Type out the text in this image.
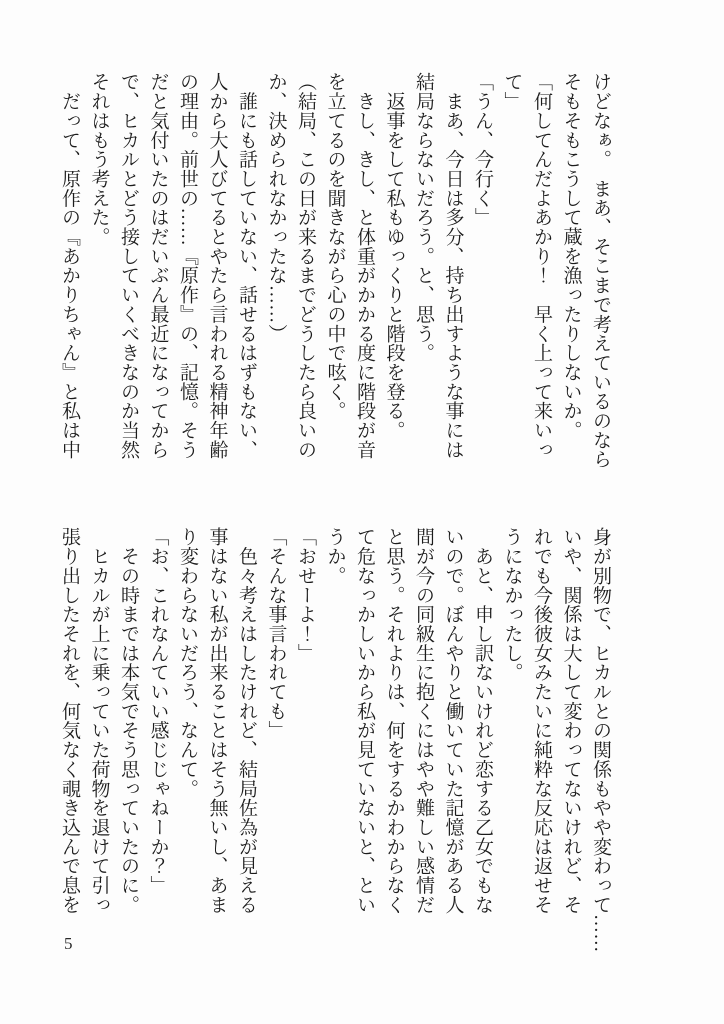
けどなぁ。　まあ、そこまで考えているのなら
そもそもこうして蔵を漁ったりしないか。
「何してんだよあかり！　早く上って来いっ
て」
「うん、今行く」
　まあ、今日は多分、持ち出すような事には
結局ならないだろう。と、思う。
　返事をして私もゆっくりと階段を登る。
　きし、きし、と体重がかかる度に階段が音
を立てるのを聞きながら心の中で呟く。
（結局、この日が来るまでどうしたら良いの
か、決められなかったな……）
　誰にも話していない、話せるはずもない、
人から大人びてるとやたら言われる精神年齢
の理由。前世の……『原作』の、記憶。そう
だと気付いたのはだいぶん最近になってから
で、ヒカルとどう接していくべきなのか当然
それはもう考えた。
　だって、原作の『あかりちゃん』と私は中
身が別物で、ヒカルとの関係もやや変わって……
いや、関係は大して変わってないけれど、そ
れでも今後彼女みたいに純粋な反応は返せそ
うになかったし。
　あと、申し訳ないけれど恋する乙女でもな
いので。ぼんやりと働いていた記憶がある人
間が今の同級生に抱くにはやや難しい感情だ
と思う。それよりは、何をするかわからなく
て危なっかしいから私が見ていないと、とい
うか。
「おせーよ！」
「そんな事言われても」
　色々考えはしたけれど、結局佐為が見える
事はない私が出来ることはそう無いし、あま
り変わらないだろう、なんて。
「お、これなんていい感じじゃねーか？」
　その時までは本気でそう思っていたのに。
　ヒカルが上に乗っていた荷物を退けて引っ
張り出したそれを、何気なく覗き込んで息を
5
